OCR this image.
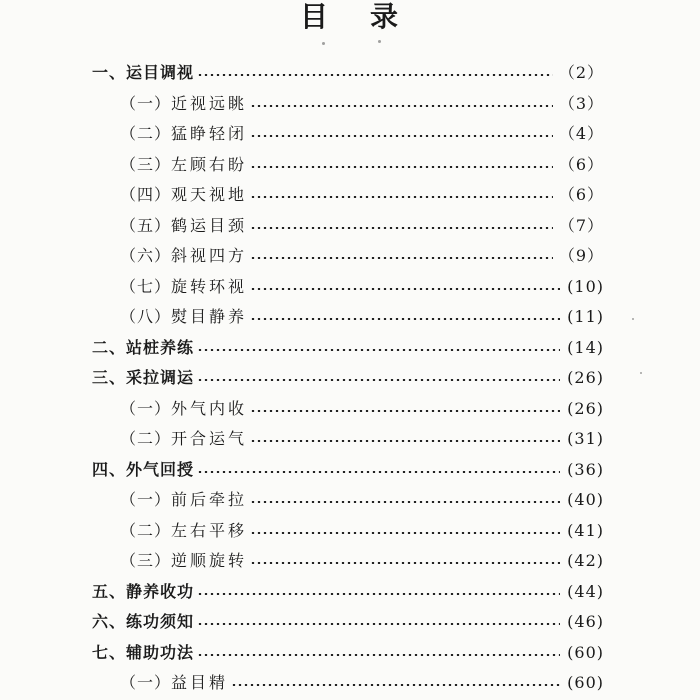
目 录
一、 运目调视	（2）
（一） 近视远眺	（3）
（二） 猛睁轻闭	（4）
（三） 左顾右盼	（6）
（四） 观天视地	（6）
（五） 鹤运目颈	（7）
（六） 斜视四方	（9）
（七） 旋转环视	(10)
（八） 熨目静养	(11)
二、 站桩养练	(14)
三、 采拉调运	(26)
（一） 外气内收	(26)
（二） 开合运气	(31)
四、 外气回授	(36)
（一） 前后牵拉	(40)
（二） 左右平移	(41)
（三） 逆顺旋转	(42)
五、 静养收功	(44)
六、 练功须知	(46)
七、 辅助功法	(60)
（一） 益目精	(60)
